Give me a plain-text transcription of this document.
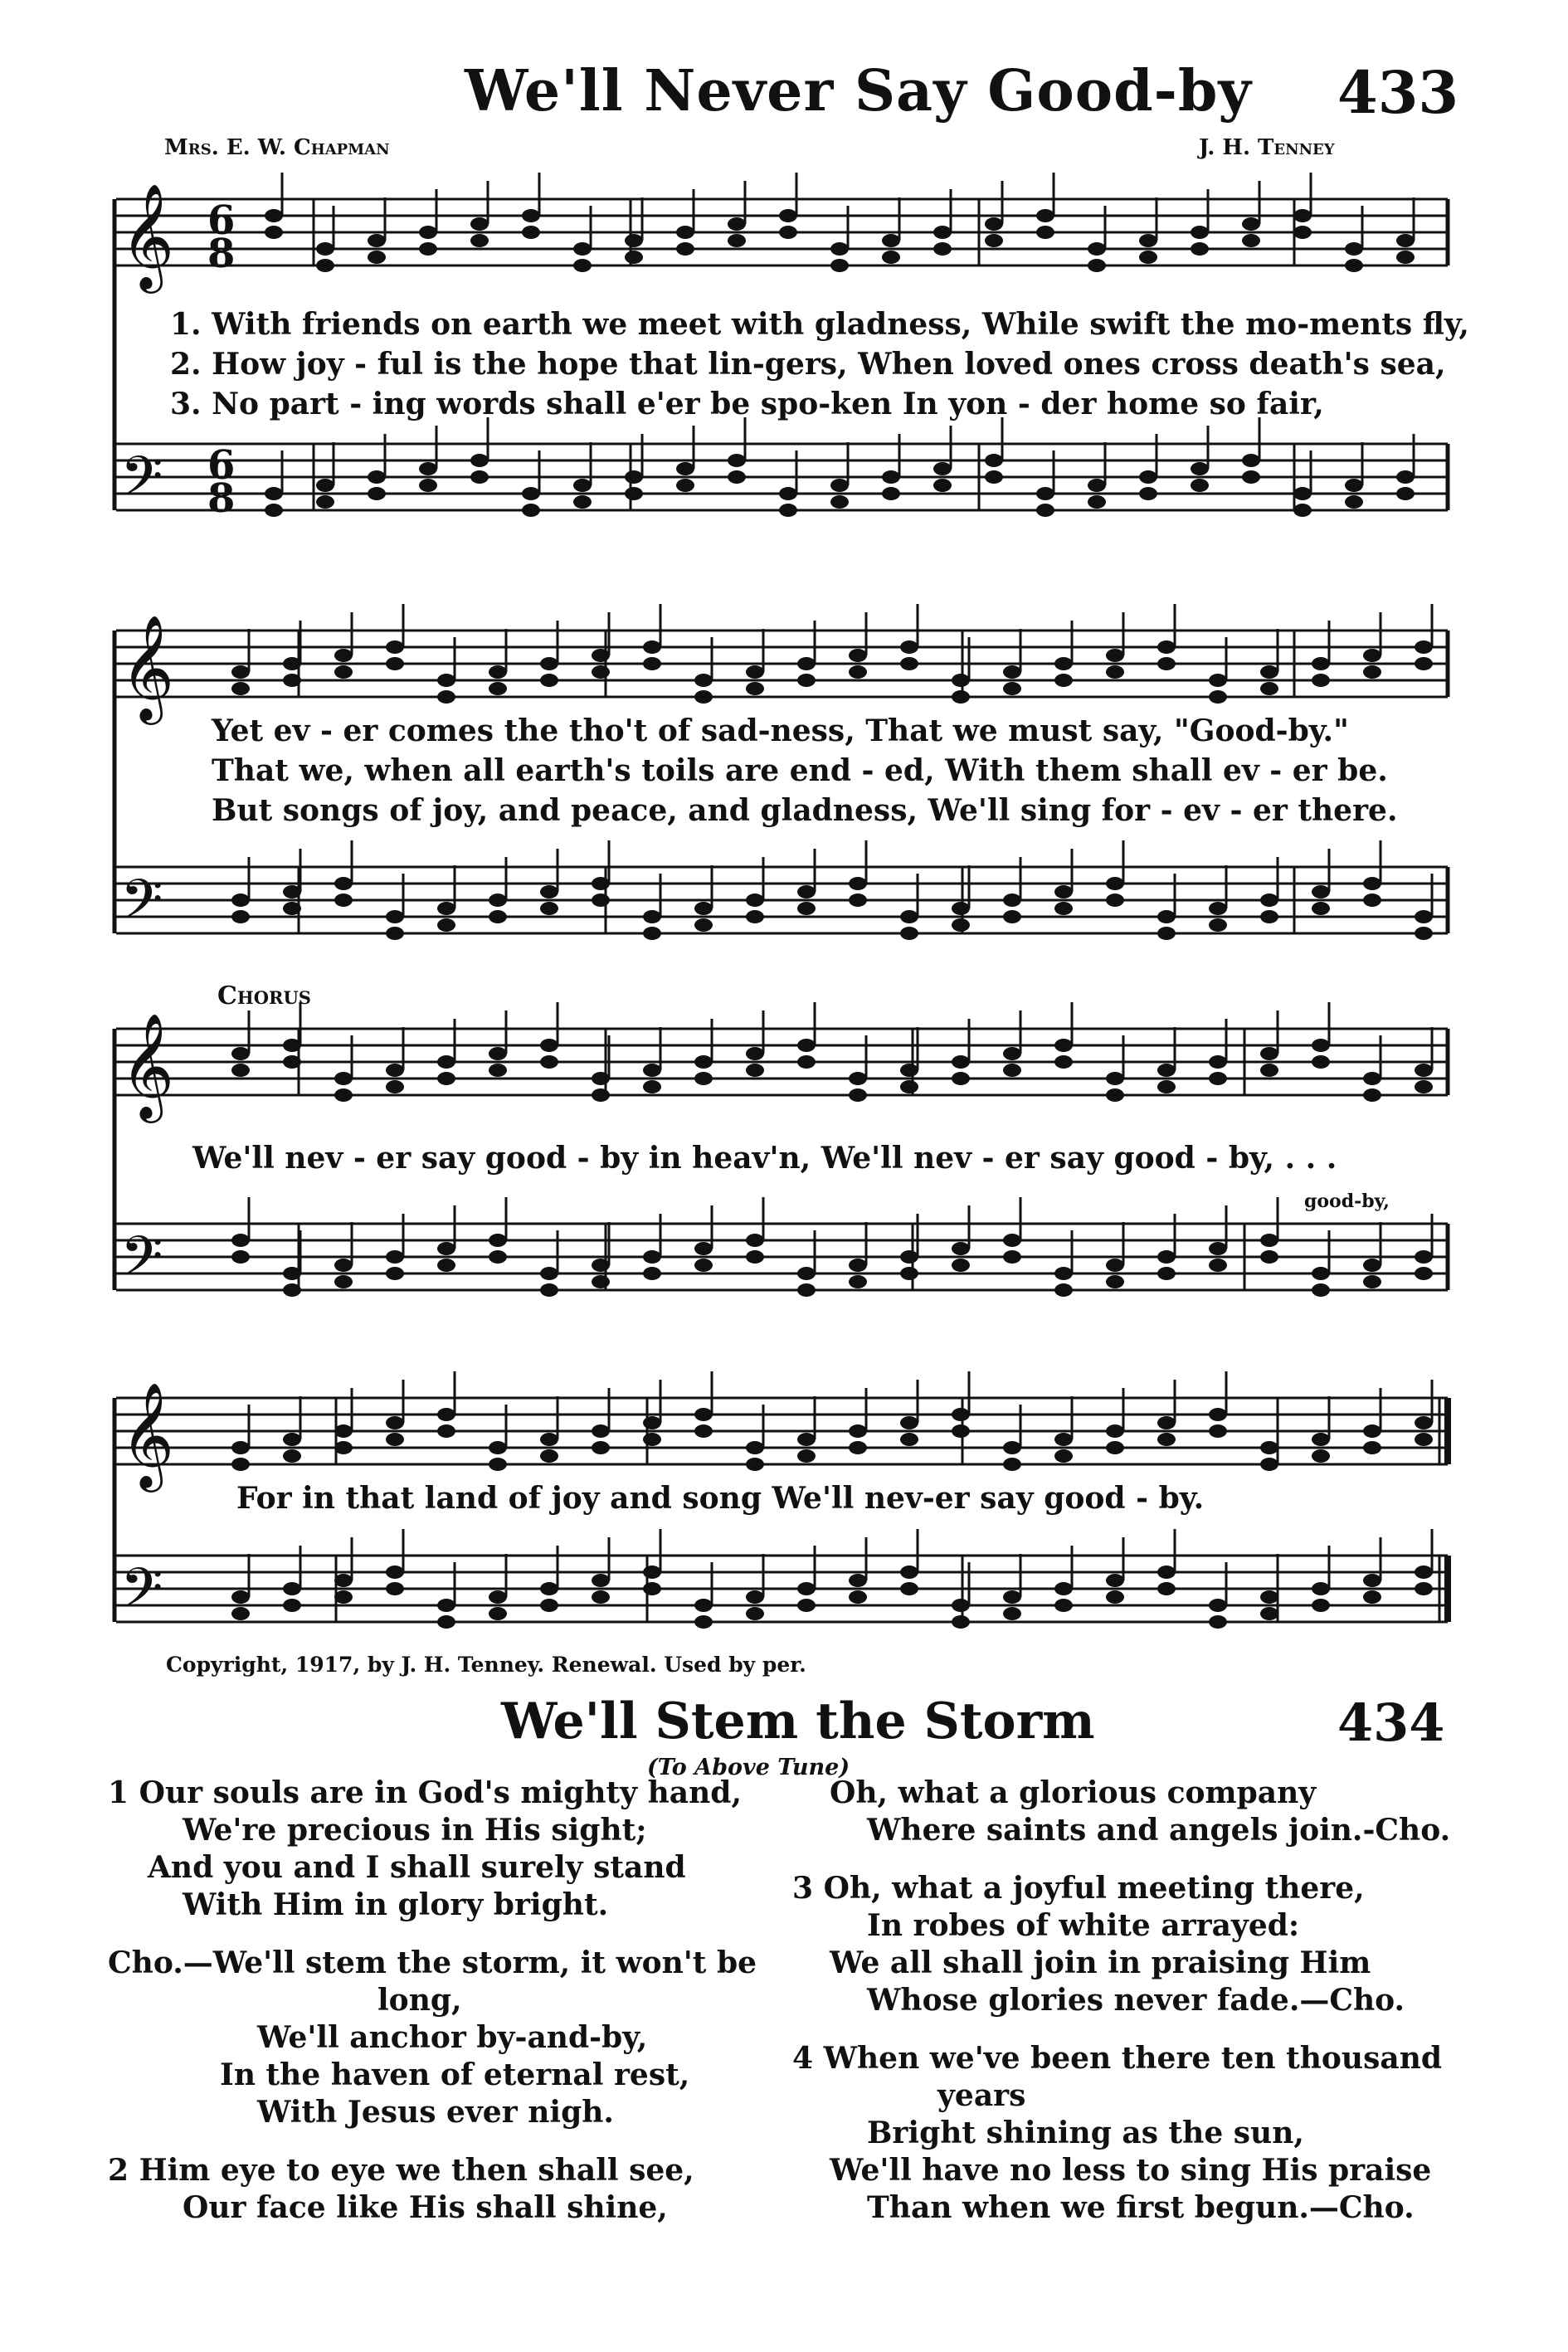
We'll Never Say Good-by 433
Mrs. E. W. Chapman	J. H. Tenney
𝄞
𝄢
𝄞
𝄢
𝄞
𝄢
𝄞
𝄢
6
8
6
8
1. With friends on earth we meet with gladness, While swift the mo-ments fly,
2. How joy - ful is the hope that lin-gers, When loved ones cross death's sea,
3. No part - ing words shall e'er be spo-ken In yon - der home so fair,
Yet ev - er comes the tho't of sad-ness, That we must say, "Good-by."
That we, when all earth's toils are end - ed, With them shall ev - er be.
But songs of joy, and peace, and gladness, We'll sing for - ev - er there.
Chorus
We'll nev - er say good - by in heav'n, We'll nev - er say good - by, . . .
good-by,
For in that land of joy and song We'll nev-er say good - by.
Copyright, 1917, by J. H. Tenney. Renewal. Used by per.
We'll Stem the Storm	434
(To Above Tune)
1 Our souls are in God's mighty hand,
We're precious in His sight;
And you and I shall surely stand
With Him in glory bright.
Cho.—We'll stem the storm, it won't be
long,
We'll anchor by-and-by,
In the haven of eternal rest,
With Jesus ever nigh.
2 Him eye to eye we then shall see,
Our face like His shall shine,
Oh, what a glorious company
Where saints and angels join.-Cho.
3 Oh, what a joyful meeting there,
In robes of white arrayed:
We all shall join in praising Him
Whose glories never fade.—Cho.
4 When we've been there ten thousand
years
Bright shining as the sun,
We'll have no less to sing His praise
Than when we first begun.—Cho.
